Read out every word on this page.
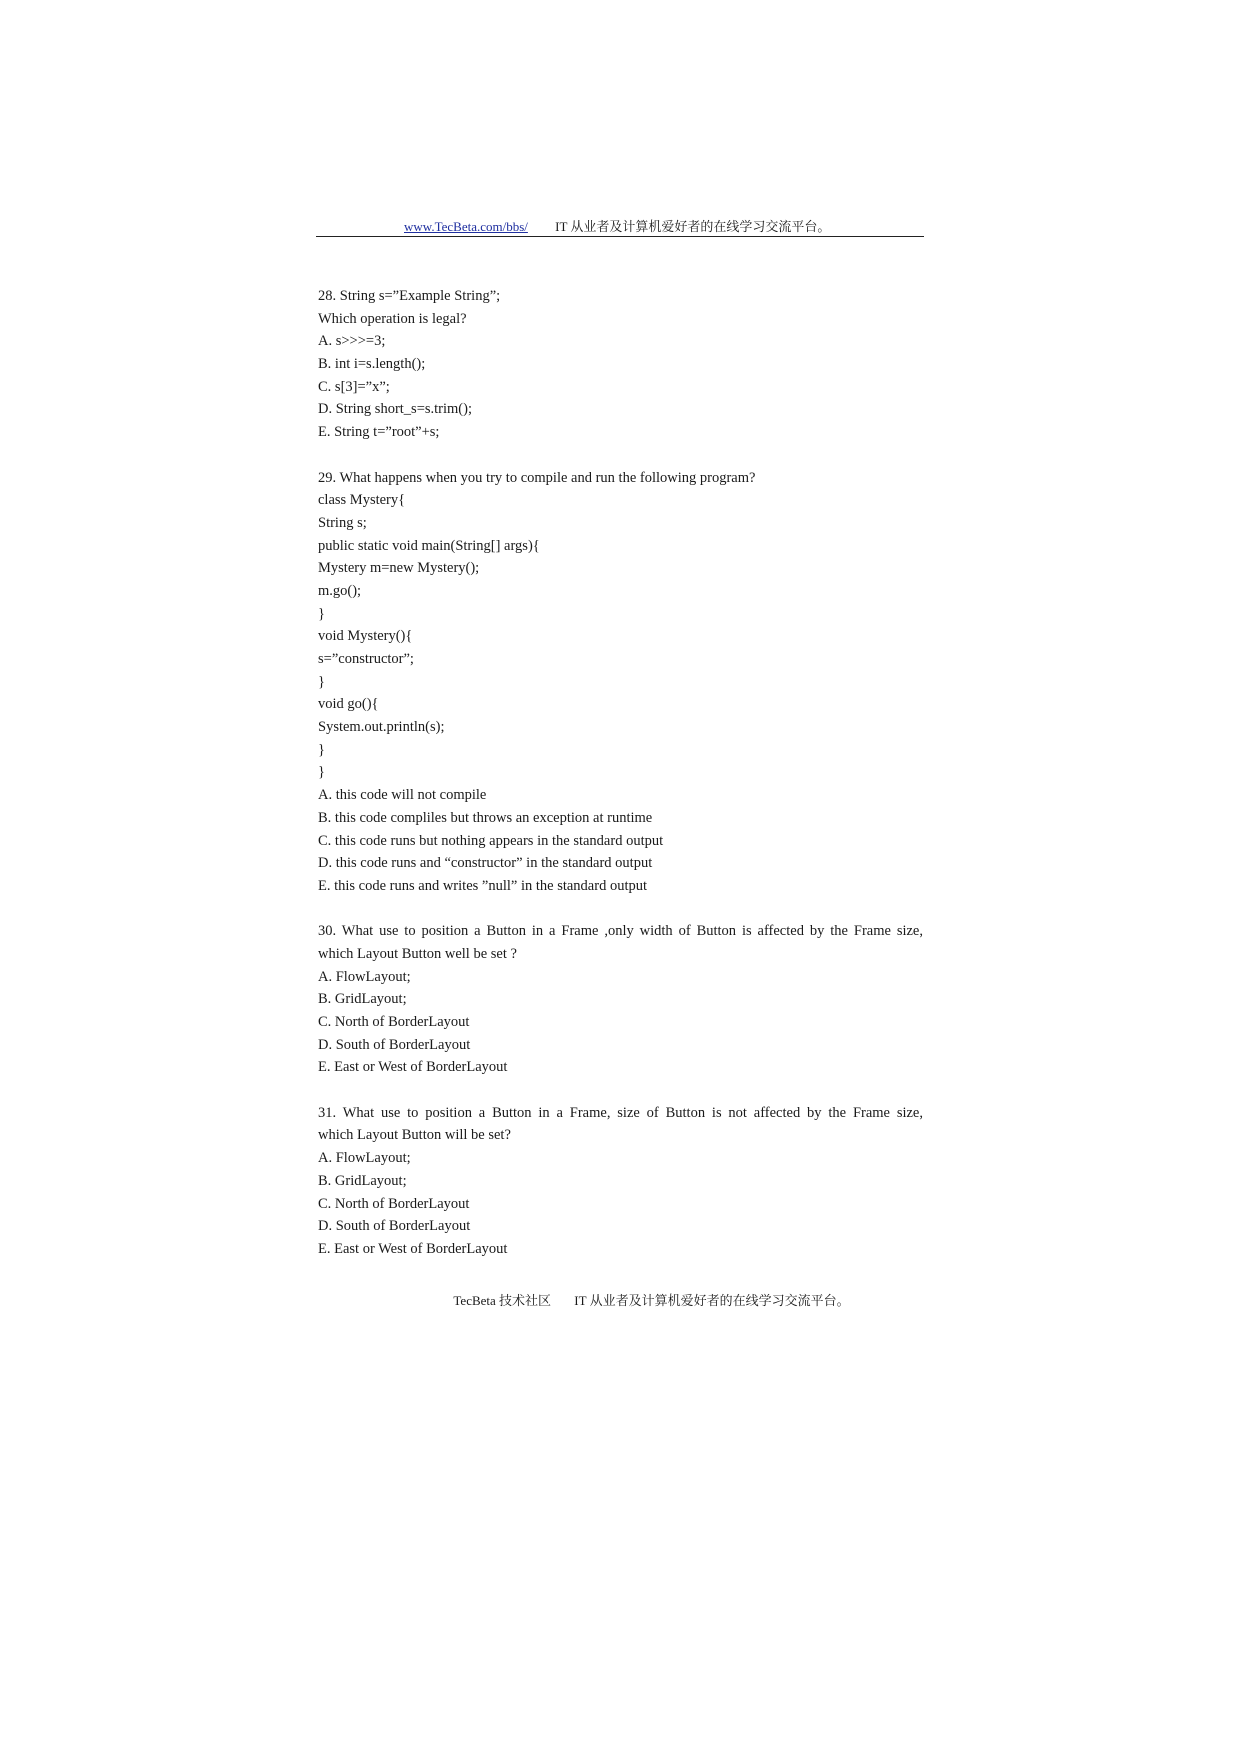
www.TecBeta.com/bbs/ IT 从业者及计算机爱好者的在线学习交流平台。
28. String s=”Example String”;
Which operation is legal?
A. s>>>=3;
B. int i=s.length();
C. s[3]=”x”;
D. String short_s=s.trim();
E. String t=”root”+s;
29. What happens when you try to compile and run the following program?
class Mystery{
String s;
public static void main(String[] args){
Mystery m=new Mystery();
m.go();
}
void Mystery(){
s=”constructor”;
}
void go(){
System.out.println(s);
}
}
A. this code will not compile
B. this code compliles but throws an exception at runtime
C. this code runs but nothing appears in the standard output
D. this code runs and “constructor” in the standard output
E. this code runs and writes ”null” in the standard output
30. What use to position a Button in a Frame ,only width of Button is affected by the Frame size,
which Layout Button well be set ?
A. FlowLayout;
B. GridLayout;
C. North of BorderLayout
D. South of BorderLayout
E. East or West of BorderLayout
31. What use to position a Button in a Frame, size of Button is not affected by the Frame size,
which Layout Button will be set?
A. FlowLayout;
B. GridLayout;
C. North of BorderLayout
D. South of BorderLayout
E. East or West of BorderLayout
TecBeta 技术社区 IT 从业者及计算机爱好者的在线学习交流平台。
